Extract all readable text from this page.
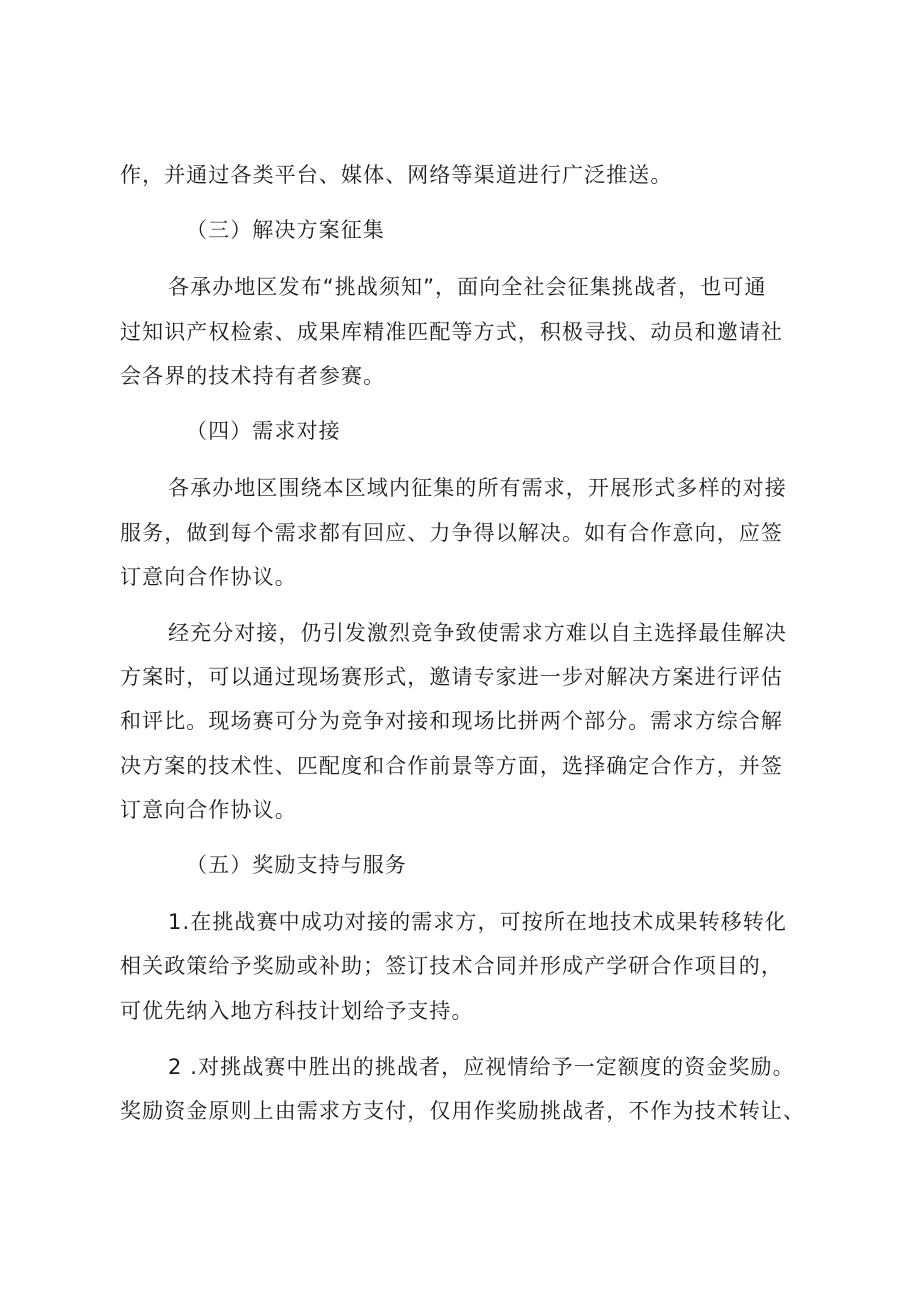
作，并通过各类平台、媒体、网络等渠道进行广泛推送。
（三）解决方案征集
各承办地区发布“挑战须知”，面向全社会征集挑战者，也可通
过知识产权检索、成果库精准匹配等方式，积极寻找、动员和邀请社
会各界的技术持有者参赛。
（四）需求对接
各承办地区围绕本区域内征集的所有需求，开展形式多样的对接
服务，做到每个需求都有回应、力争得以解决。如有合作意向，应签
订意向合作协议。
经充分对接，仍引发激烈竞争致使需求方难以自主选择最佳解决
方案时，可以通过现场赛形式，邀请专家进一步对解决方案进行评估
和评比。现场赛可分为竞争对接和现场比拼两个部分。需求方综合解
决方案的技术性、匹配度和合作前景等方面，选择确定合作方，并签
订意向合作协议。
（五）奖励支持与服务
1.在挑战赛中成功对接的需求方，可按所在地技术成果转移转化
相关政策给予奖励或补助；签订技术合同并形成产学研合作项目的，
可优先纳入地方科技计划给予支持。
2 .对挑战赛中胜出的挑战者，应视情给予一定额度的资金奖励。
奖励资金原则上由需求方支付，仅用作奖励挑战者，不作为技术转让、
